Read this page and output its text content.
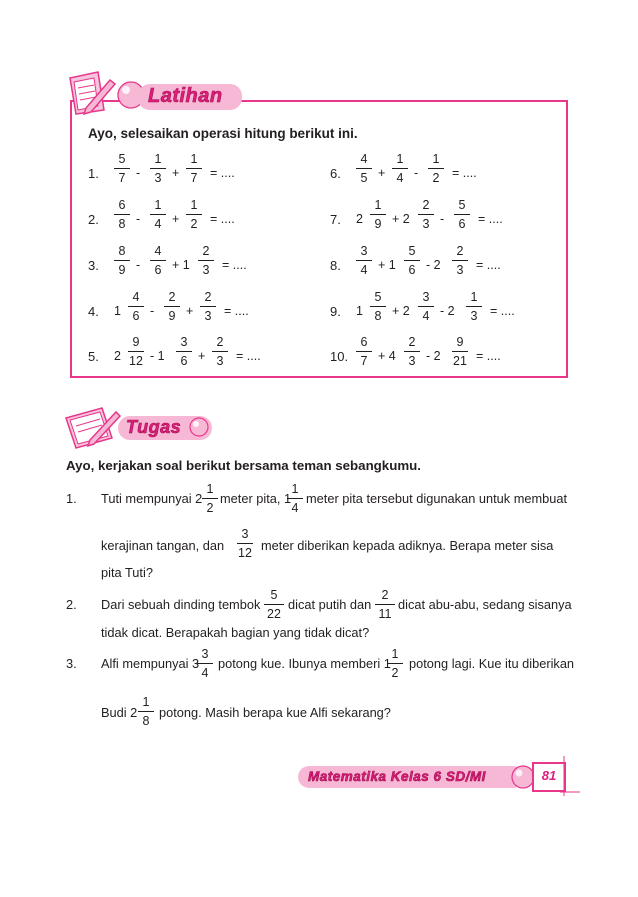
Latihan
Ayo, selesaikan operasi hitung berikut ini.
1.
5
7 -
1
3 +
1
7	= ....
2.
6
8 -
1
4 +
1
2	= ....
3.
8
9 -
4
6 + 1
2
3	= ....
4. 1
4
6 -
2
9 +
2
3	= ....
5. 2
9
12 - 1
3
6 +
2
3	= ....
6.
4
5 +
1
4 -
1
2	= ....
7. 2
1
9 + 2
2
3 -
5
6	= ....
8.
3
4 + 1
5
6 - 2
2
3	= ....
9. 1
5
8 + 2
3
4 - 2
1
3	= ....
10.
6
7 + 4
2
3 - 2
9
21 = ....
Tugas
Ayo, kerjakan soal berikut bersama teman sebangkumu.
1. Tuti mempunyai 2
1
2
meter pita, 1
1
4
meter pita tersebut digunakan untuk membuat
kerajinan tangan, dan
3
12 meter diberikan kepada adiknya. Berapa meter sisa
pita Tuti?
2. Dari sebuah dinding tembok
5
22
dicat putih dan
2
11
dicat abu-abu, sedang sisanya
tidak dicat. Berapakah bagian yang tidak dicat?
3. Alfi mempunyai 3
3
4
potong kue. Ibunya memberi 1
1
2
potong lagi. Kue itu diberikan
Budi 2
1
8
potong. Masih berapa kue Alfi sekarang?
Matematika Kelas 6 SD/MI	81
